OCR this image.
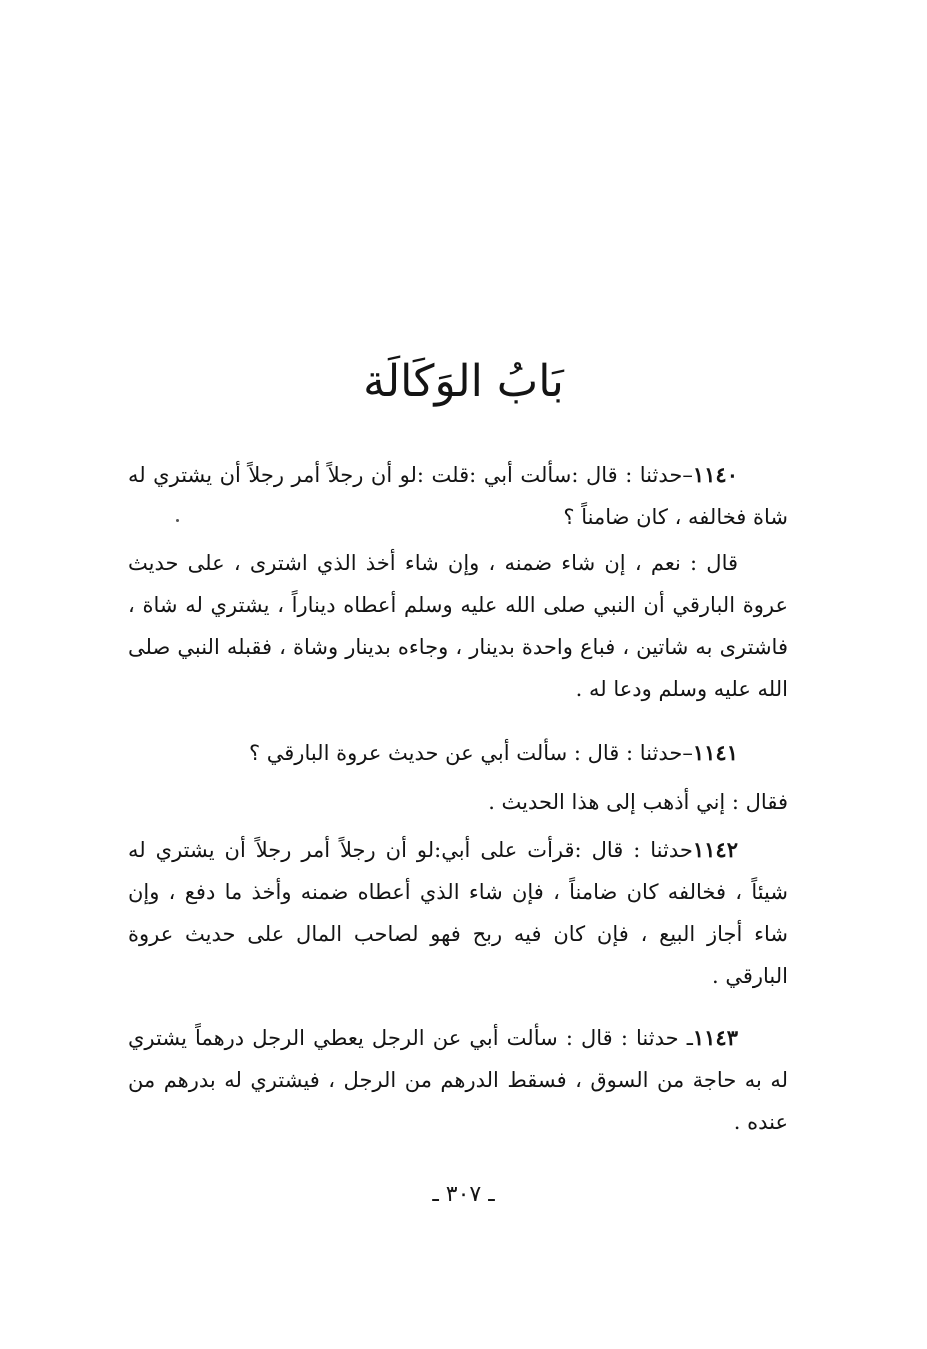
بَابُ الوَكَالَة

١١٤٠–حدثنا : قال :سألت أبي :قلت :لو أن رجلاً أمر رجلاً أن يشتري له شاة فخالفه ، كان ضامناً ؟

قال : نعم ، إن شاء ضمنه ، وإن شاء أخذ الذي اشترى ، على حديث عروة البارقي أن النبي صلى الله عليه وسلم أعطاه ديناراً ، يشتري له شاة ، فاشترى به شاتين ، فباع واحدة بدينار ، وجاءه بدينار وشاة ، فقبله النبي صلى الله عليه وسلم ودعا له .

١١٤١–حدثنا : قال : سألت أبي عن حديث عروة البارقي ؟

فقال : إني أذهب إلى هذا الحديث .

١١٤٢حدثنا : قال :قرأت على أبي:لو أن رجلاً أمر رجلاً أن يشتري له شيئاً ، فخالفه كان ضامناً ، فإن شاء الذي أعطاه ضمنه وأخذ ما دفع ، وإن شاء أجاز البيع ، فإن كان فيه ربح فهو لصاحب المال على حديث عروة البارقي .

١١٤٣ـ حدثنا : قال : سألت أبي عن الرجل يعطي الرجل درهماً يشتري له به حاجة من السوق ، فسقط الدرهم من الرجل ، فيشتري له بدرهم من عنده .

ـ ٣٠٧ ـ
